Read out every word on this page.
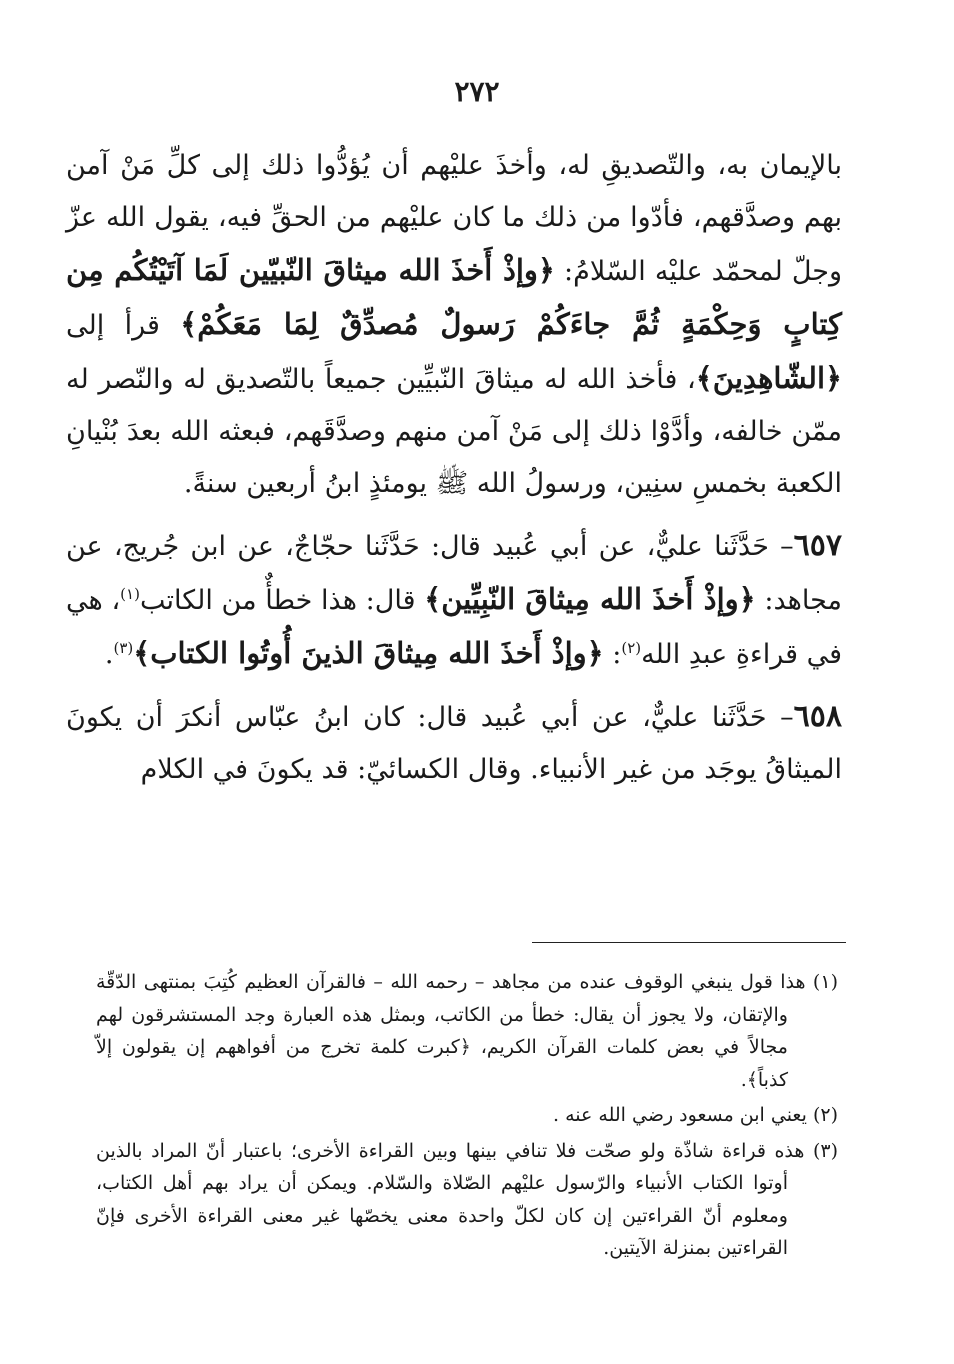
٢٧٢

بالإيمان به، والتّصديقِ له، وأخذَ عليْهم أن يُؤدُّوا ذلك إلى كلِّ مَنْ آمن بهم وصدَّقهم، فأدّوا من ذلك ما كان عليْهم من الحقِّ فيه، يقول الله عزّ وجلّ لمحمّد عليْه السّلامُ: ﴿وإذْ أَخذَ الله ميثاقَ النّبيّين لَمَا آتَيْتُكُم مِن كِتابٍ وَحِكْمَةٍ ثُمَّ جاءَكُمْ رَسولٌ مُصدِّقٌ لِمَا مَعَكُمْ﴾ قرأ إلى ﴿الشّاهِدِينَ﴾، فأخذ الله له ميثاقَ النّبيِّين جميعاً بالتّصديق له والنّصر له ممّن خالفه، وأدَّوْا ذلك إلى مَنْ آمن منهم وصدَّقَهم، فبعثه الله بعدَ بُنْيانِ الكعبة بخمسِ سنِين، ورسولُ الله ﷺ يومئذٍ ابنُ أربعين سنةً.

٦٥٧– حَدَّثَنا عليٌّ، عن أبي عُبيد قال: حَدَّثَنا حجّاجٌ، عن ابن جُريج، عن مجاهد: ﴿وإذْ أَخذَ الله مِيثاقَ النّبِيِّين﴾ قال: هذا خطأٌ من الكاتب$^{(١)}$، هي في قراءةِ عبدِ الله$^{(٢)}$: ﴿وإذْ أَخذَ الله مِيثاقَ الذينَ أُوتُوا الكتاب﴾$^{(٣)}$.

٦٥٨– حَدَّثَنا عليٌّ، عن أبي عُبيد قال: كان ابنُ عبّاس أنكرَ أن يكونَ الميثاقُ يوجَد من غير الأنبياء. وقال الكسائيّ: قد يكونَ في الكلام

(١) هذا قول ينبغي الوقوف عنده من مجاهد – رحمه الله – فالقرآن العظيم كُتِبَ بمنتهى الدّقّة والإتقان، ولا يجوز أن يقال: خطأ من الكاتب، وبمثل هذه العبارة وجد المستشرقون لهم مجالاً في بعض كلمات القرآن الكريم، ﴿كبرت كلمة تخرج من أفواههم إن يقولون إلاّ كذباً﴾.

(٢) يعني ابن مسعود رضي الله عنه .

(٣) هذه قراءة شاذّة ولو صحّت فلا تنافي بينها وبين القراءة الأخرى؛ باعتبار أنّ المراد بالذين أوتوا الكتاب الأنبياء والرّسول عليْهم الصّلاة والسّلام. ويمكن أن يراد بهم أهل الكتاب، ومعلوم أنّ القراءتين إن كان لكلّ واحدة معنى يخصّها غير معنى القراءة الأخرى فإنّ القراءتين بمنزلة الآيتين.
